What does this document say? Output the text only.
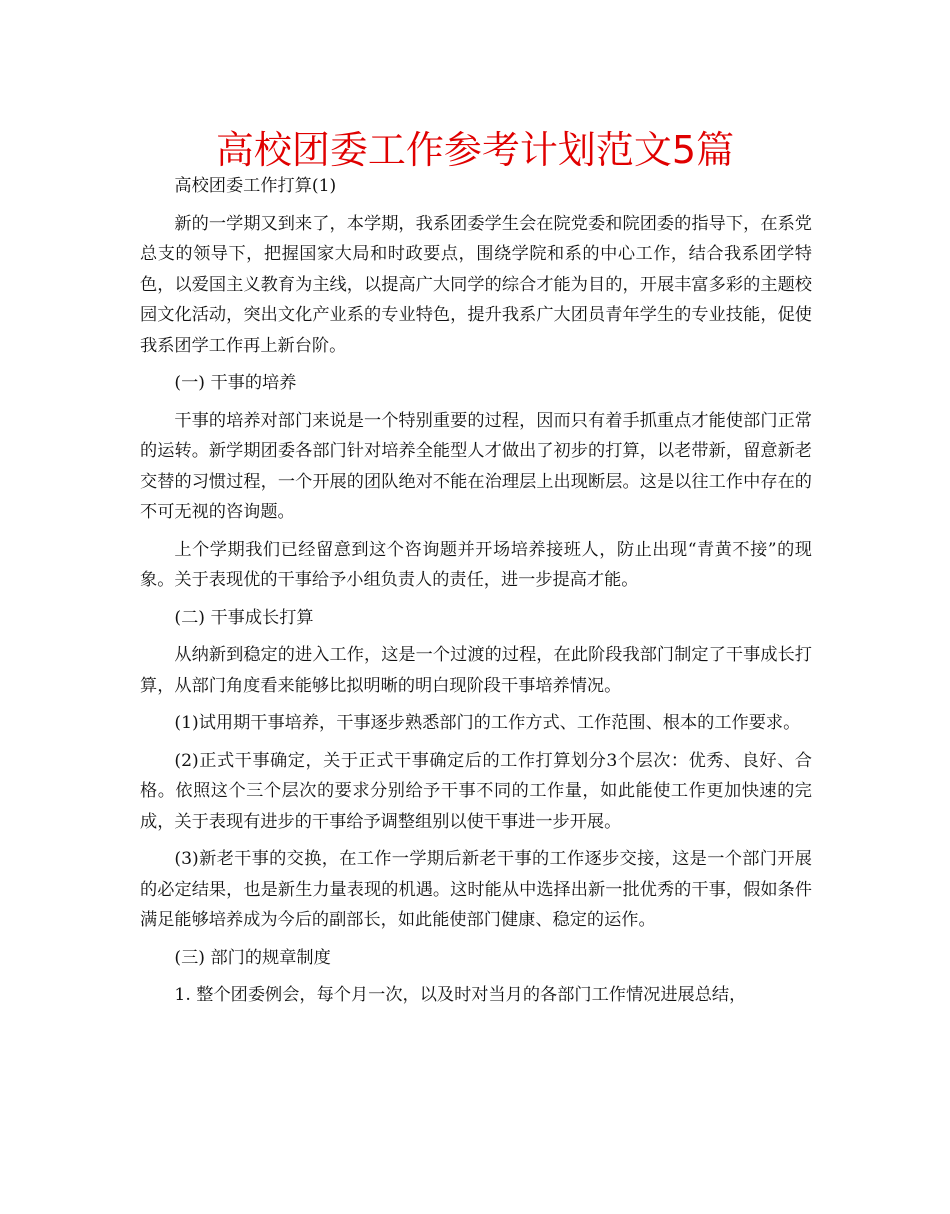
高校团委工作参考计划范文5篇

高校团委工作打算(1)

新的一学期又到来了，本学期，我系团委学生会在院党委和院团委的指导下，在系党总支的领导下，把握国家大局和时政要点，围绕学院和系的中心工作，结合我系团学特色，以爱国主义教育为主线，以提高广大同学的综合才能为目的，开展丰富多彩的主题校园文化活动，突出文化产业系的专业特色，提升我系广大团员青年学生的专业技能，促使我系团学工作再上新台阶。

(一) 干事的培养

干事的培养对部门来说是一个特别重要的过程，因而只有着手抓重点才能使部门正常的运转。新学期团委各部门针对培养全能型人才做出了初步的打算，以老带新，留意新老交替的习惯过程，一个开展的团队绝对不能在治理层上出现断层。这是以往工作中存在的不可无视的咨询题。

上个学期我们已经留意到这个咨询题并开场培养接班人，防止出现“青黄不接”的现象。关于表现优的干事给予小组负责人的责任，进一步提高才能。

(二) 干事成长打算

从纳新到稳定的进入工作，这是一个过渡的过程，在此阶段我部门制定了干事成长打算，从部门角度看来能够比拟明晰的明白现阶段干事培养情况。

(1)试用期干事培养，干事逐步熟悉部门的工作方式、工作范围、根本的工作要求。

(2)正式干事确定，关于正式干事确定后的工作打算划分3个层次：优秀、良好、合格。依照这个三个层次的要求分别给予干事不同的工作量，如此能使工作更加快速的完成，关于表现有进步的干事给予调整组别以使干事进一步开展。

(3)新老干事的交换，在工作一学期后新老干事的工作逐步交接，这是一个部门开展的必定结果，也是新生力量表现的机遇。这时能从中选择出新一批优秀的干事，假如条件满足能够培养成为今后的副部长，如此能使部门健康、稳定的运作。

(三) 部门的规章制度

1. 整个团委例会，每个月一次，以及时对当月的各部门工作情况进展总结，
